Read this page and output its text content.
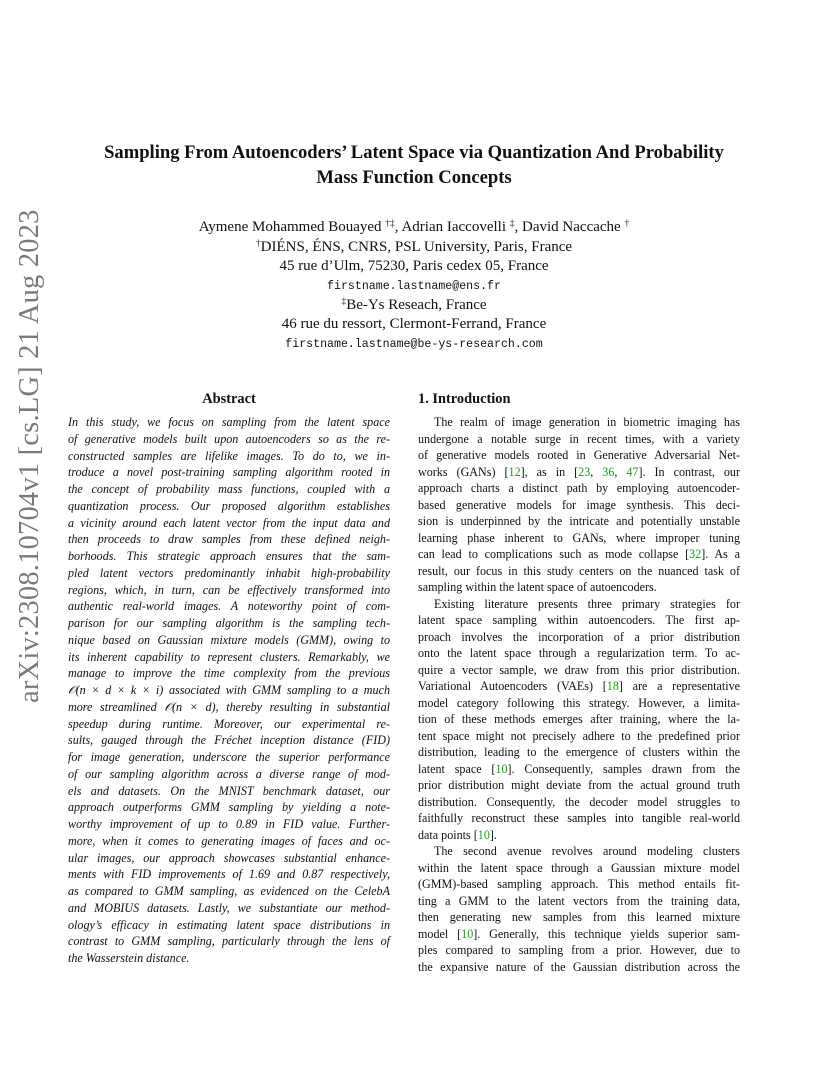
arXiv:2308.10704v1 [cs.LG] 21 Aug 2023
Sampling From Autoencoders’ Latent Space via Quantization And Probability
Mass Function Concepts
Aymene Mohammed Bouayed †‡, Adrian Iaccovelli ‡, David Naccache †
†DIÉNS, ÉNS, CNRS, PSL University, Paris, France
45 rue d’Ulm, 75230, Paris cedex 05, France
firstname.lastname@ens.fr
‡Be-Ys Reseach, France
46 rue du ressort, Clermont-Ferrand, France
firstname.lastname@be-ys-research.com
Abstract
In this study, we focus on sampling from the latent space
of generative models built upon autoencoders so as the re-
constructed samples are lifelike images. To do to, we in-
troduce a novel post-training sampling algorithm rooted in
the concept of probability mass functions, coupled with a
quantization process. Our proposed algorithm establishes
a vicinity around each latent vector from the input data and
then proceeds to draw samples from these defined neigh-
borhoods. This strategic approach ensures that the sam-
pled latent vectors predominantly inhabit high-probability
regions, which, in turn, can be effectively transformed into
authentic real-world images. A noteworthy point of com-
parison for our sampling algorithm is the sampling tech-
nique based on Gaussian mixture models (GMM), owing to
its inherent capability to represent clusters. Remarkably, we
manage to improve the time complexity from the previous
𝒪(n × d × k × i) associated with GMM sampling to a much
more streamlined 𝒪(n × d), thereby resulting in substantial
speedup during runtime. Moreover, our experimental re-
sults, gauged through the Fréchet inception distance (FID)
for image generation, underscore the superior performance
of our sampling algorithm across a diverse range of mod-
els and datasets. On the MNIST benchmark dataset, our
approach outperforms GMM sampling by yielding a note-
worthy improvement of up to 0.89 in FID value. Further-
more, when it comes to generating images of faces and oc-
ular images, our approach showcases substantial enhance-
ments with FID improvements of 1.69 and 0.87 respectively,
as compared to GMM sampling, as evidenced on the CelebA
and MOBIUS datasets. Lastly, we substantiate our method-
ology’s efficacy in estimating latent space distributions in
contrast to GMM sampling, particularly through the lens of
the Wasserstein distance.
1. Introduction
The realm of image generation in biometric imaging has
undergone a notable surge in recent times, with a variety
of generative models rooted in Generative Adversarial Net-
works (GANs) [12], as in [23, 36, 47]. In contrast, our
approach charts a distinct path by employing autoencoder-
based generative models for image synthesis. This deci-
sion is underpinned by the intricate and potentially unstable
learning phase inherent to GANs, where improper tuning
can lead to complications such as mode collapse [32]. As a
result, our focus in this study centers on the nuanced task of
sampling within the latent space of autoencoders.
Existing literature presents three primary strategies for
latent space sampling within autoencoders. The first ap-
proach involves the incorporation of a prior distribution
onto the latent space through a regularization term. To ac-
quire a vector sample, we draw from this prior distribution.
Variational Autoencoders (VAEs) [18] are a representative
model category following this strategy. However, a limita-
tion of these methods emerges after training, where the la-
tent space might not precisely adhere to the predefined prior
distribution, leading to the emergence of clusters within the
latent space [10]. Consequently, samples drawn from the
prior distribution might deviate from the actual ground truth
distribution. Consequently, the decoder model struggles to
faithfully reconstruct these samples into tangible real-world
data points [10].
The second avenue revolves around modeling clusters
within the latent space through a Gaussian mixture model
(GMM)-based sampling approach. This method entails fit-
ting a GMM to the latent vectors from the training data,
then generating new samples from this learned mixture
model [10]. Generally, this technique yields superior sam-
ples compared to sampling from a prior. However, due to
the expansive nature of the Gaussian distribution across the
